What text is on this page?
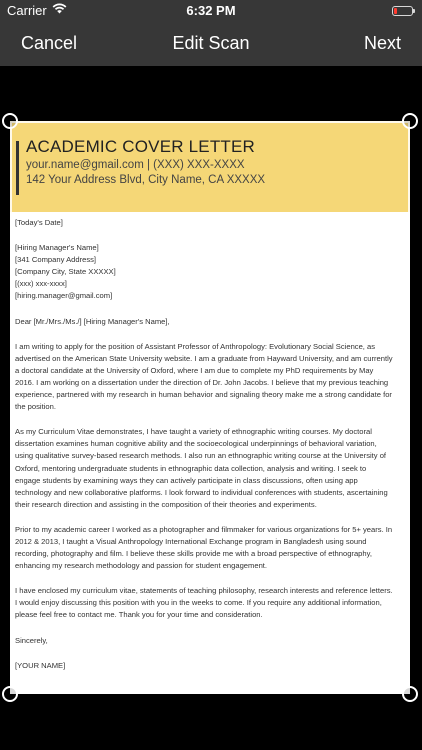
Carrier	6:32 PM
Cancel	Edit Scan	Next
ACADEMIC COVER LETTER
your.name@gmail.com | (XXX) XXX-XXXX
142 Your Address Blvd, City Name, CA XXXXX

[Today's Date]

[Hiring Manager's Name]
[341 Company Address]
[Company City, State XXXXX]
[(xxx) xxx-xxxx]
[hiring.manager@gmail.com]

Dear [Mr./Mrs./Ms./] [Hiring Manager's Name],

I am writing to apply for the position of Assistant Professor of Anthropology: Evolutionary Social Science, as advertised on the American State University website. I am a graduate from Hayward University, and am currently a doctoral candidate at the University of Oxford, where I am due to complete my PhD requirements by May 2016. I am working on a dissertation under the direction of Dr. John Jacobs. I believe that my previous teaching experience, partnered with my research in human behavior and signaling theory make me a strong candidate for the position.

As my Curriculum Vitae demonstrates, I have taught a variety of ethnographic writing courses. My doctoral dissertation examines human cognitive ability and the socioecological underpinnings of behavioral variation, using qualitative survey-based research methods. I also run an ethnographic writing course at the University of Oxford, mentoring undergraduate students in ethnographic data collection, analysis and writing. I seek to engage students by examining ways they can actively participate in class discussions, often using app technology and new collaborative platforms. I look forward to individual conferences with students, ascertaining their research direction and assisting in the composition of their theories and experiments.

Prior to my academic career I worked as a photographer and filmmaker for various organizations for 5+ years. In 2012 & 2013, I taught a Visual Anthropology International Exchange program in Bangladesh using sound recording, photography and film. I believe these skills provide me with a broad perspective of ethnography, enhancing my research methodology and passion for student engagement.

I have enclosed my curriculum vitae, statements of teaching philosophy, research interests and reference letters. I would enjoy discussing this position with you in the weeks to come. If you require any additional information, please feel free to contact me. Thank you for your time and consideration.

Sincerely,

[YOUR NAME]
